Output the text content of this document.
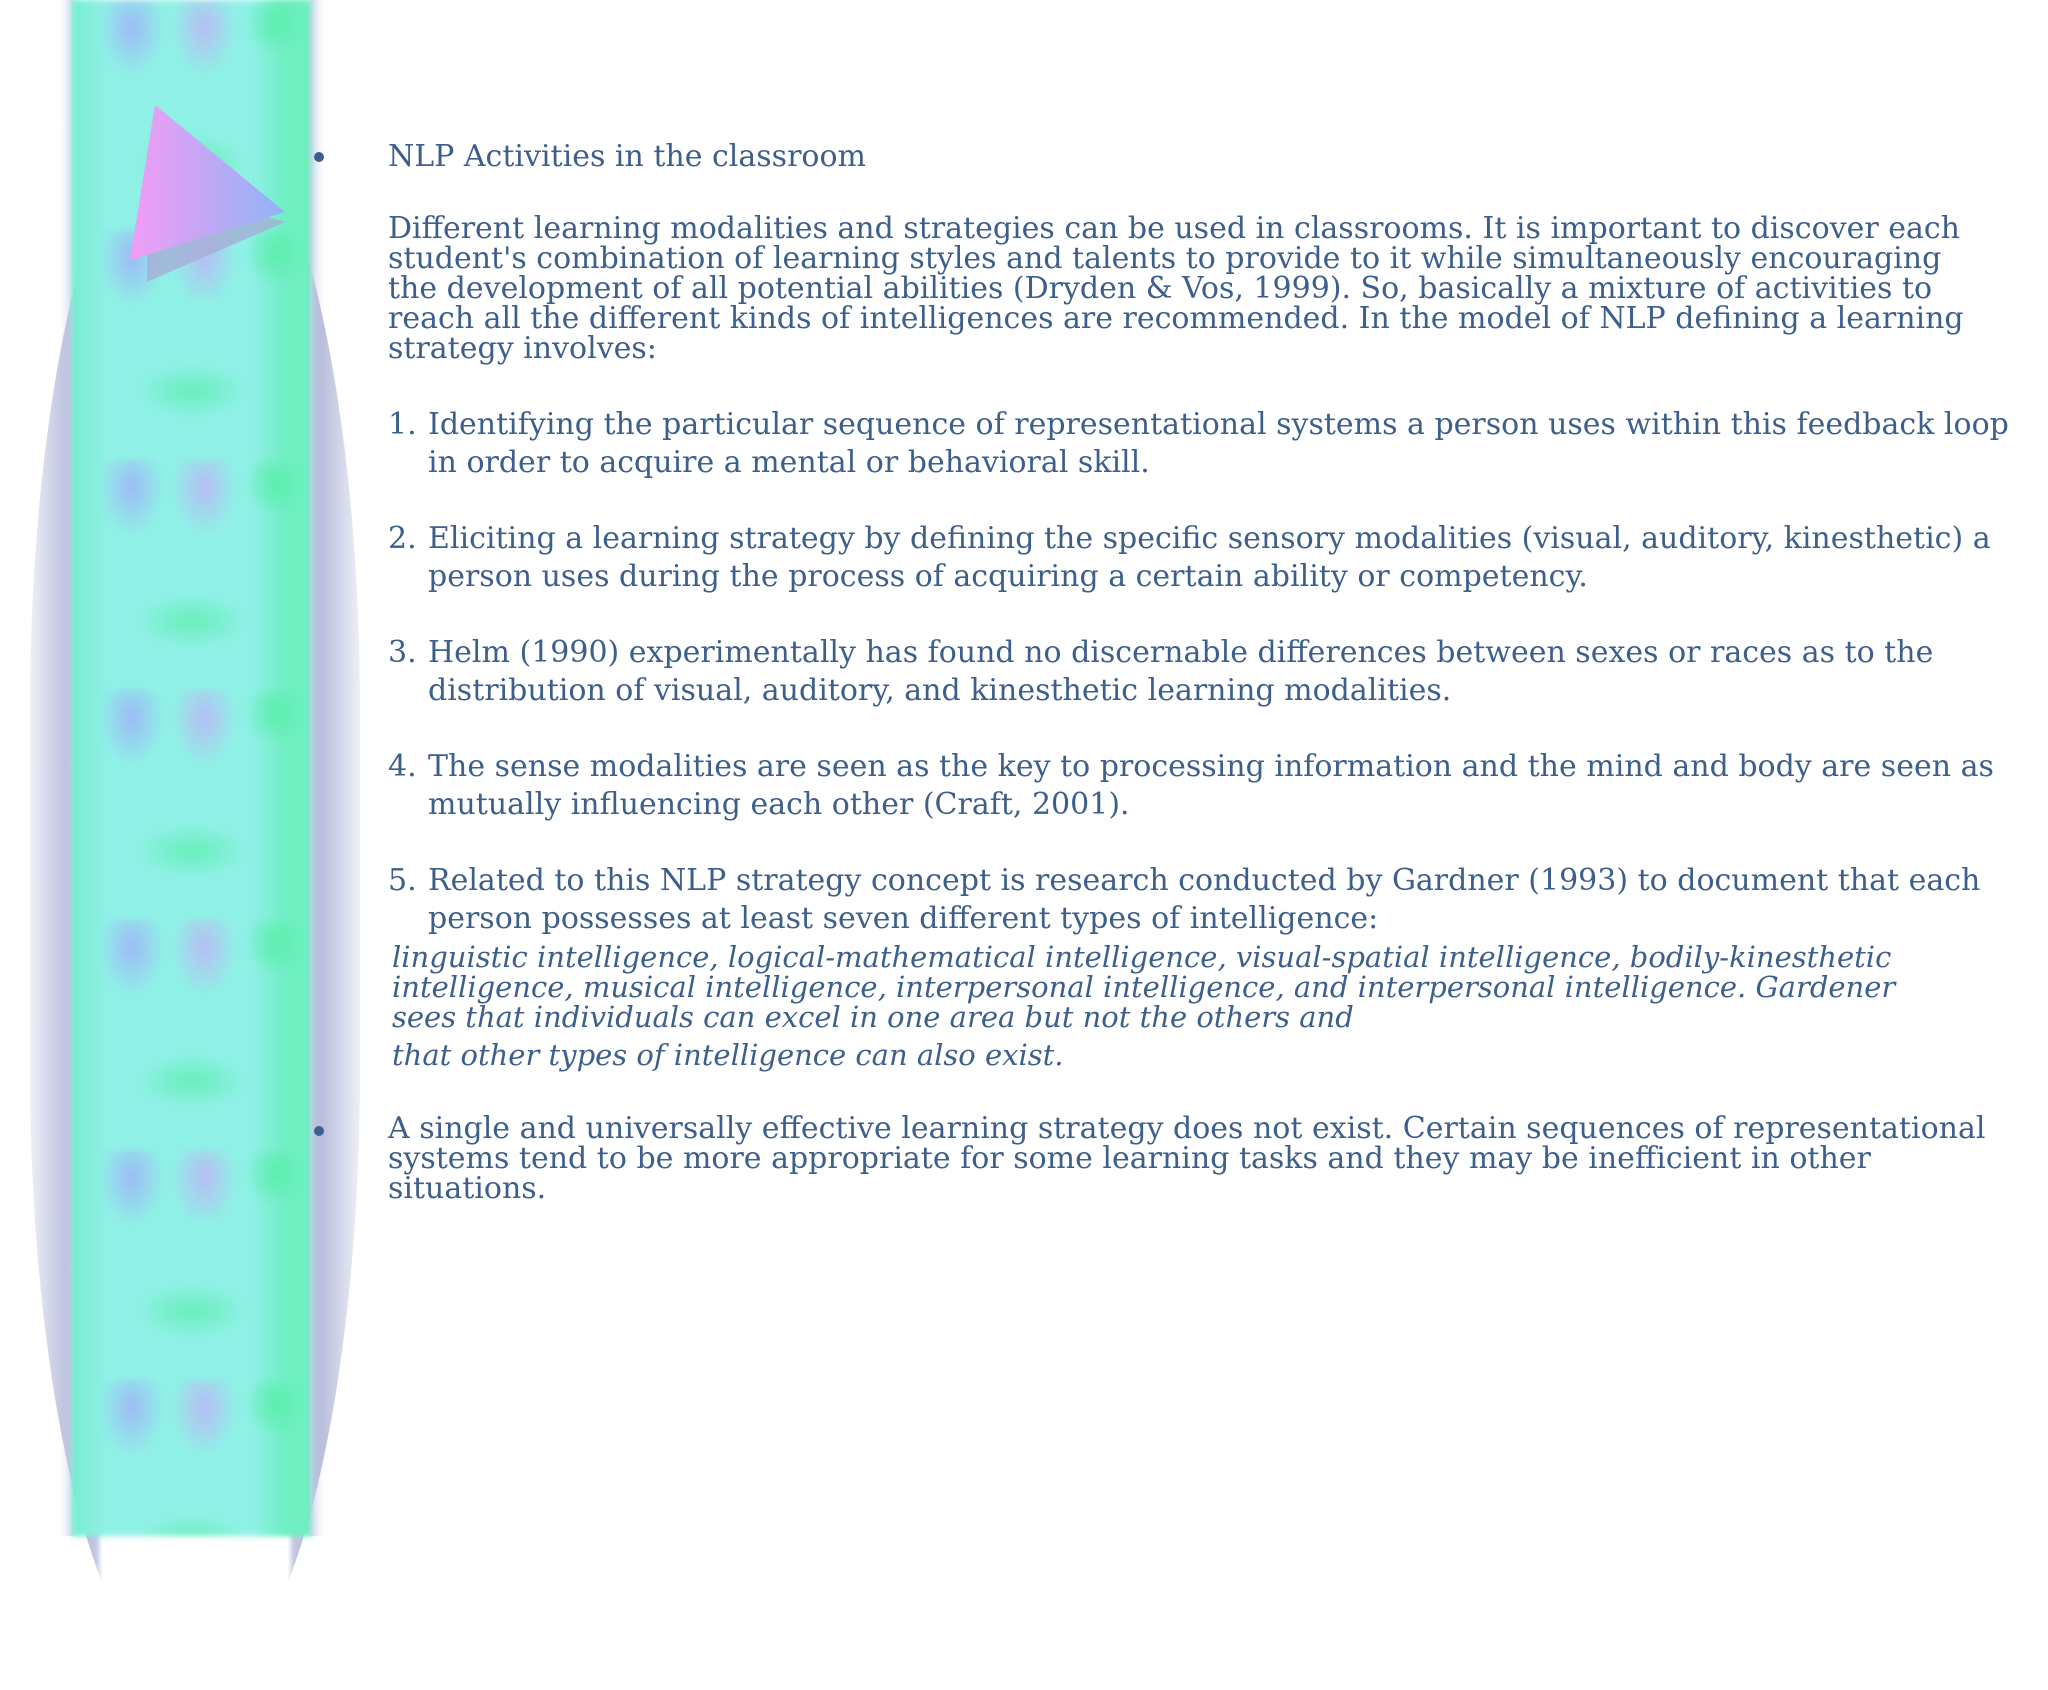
NLP Activities in the classroom

Different learning modalities and strategies can be used in classrooms. It is important to discover each student's combination of learning styles and talents to provide to it while simultaneously encouraging the development of all potential abilities (Dryden & Vos, 1999). So, basically a mixture of activities to reach all the different kinds of intelligences are recommended. In the model of NLP defining a learning strategy involves:

1. Identifying the particular sequence of representational systems a person uses within this feedback loop in order to acquire a mental or behavioral skill.
2. Eliciting a learning strategy by defining the specific sensory modalities (visual, auditory, kinesthetic) a person uses during the process of acquiring a certain ability or competency.
3. Helm (1990) experimentally has found no discernable differences between sexes or races as to the distribution of visual, auditory, and kinesthetic learning modalities.
4. The sense modalities are seen as the key to processing information and the mind and body are seen as mutually influencing each other (Craft, 2001).
5. Related to this NLP strategy concept is research conducted by Gardner (1993) to document that each person possesses at least seven different types of intelligence:
linguistic intelligence, logical-mathematical intelligence, visual-spatial intelligence, bodily-kinesthetic intelligence, musical intelligence, interpersonal intelligence, and interpersonal intelligence. Gardener sees that individuals can excel in one area but not the others and
that other types of intelligence can also exist.

A single and universally effective learning strategy does not exist. Certain sequences of representational systems tend to be more appropriate for some learning tasks and they may be inefficient in other situations.
